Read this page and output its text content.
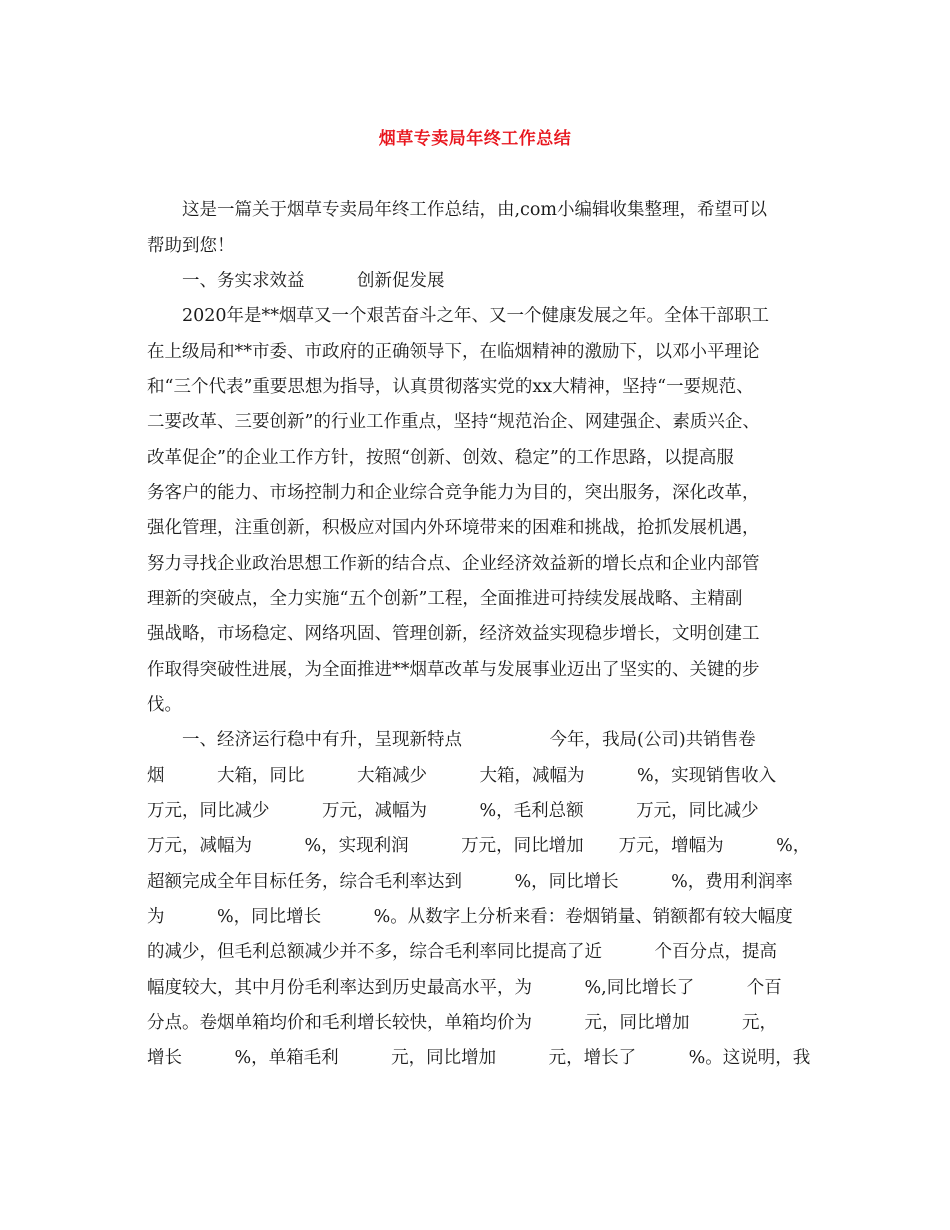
烟草专卖局年终工作总结
　　这是一篇关于烟草专卖局年终工作总结，由,com小编辑收集整理，希望可以
帮助到您！
　　一、务实求效益　　　创新促发展
　　2020年是**烟草又一个艰苦奋斗之年、又一个健康发展之年。全体干部职工
在上级局和**市委、市政府的正确领导下，在临烟精神的激励下，以邓小平理论
和“三个代表”重要思想为指导，认真贯彻落实党的xx大精神，坚持“一要规范、
二要改革、三要创新”的行业工作重点，坚持“规范治企、网建强企、素质兴企、
改革促企”的企业工作方针，按照“创新、创效、稳定”的工作思路，以提高服
务客户的能力、市场控制力和企业综合竞争能力为目的，突出服务，深化改革，
强化管理，注重创新，积极应对国内外环境带来的困难和挑战，抢抓发展机遇，
努力寻找企业政治思想工作新的结合点、企业经济效益新的增长点和企业内部管
理新的突破点，全力实施“五个创新”工程，全面推进可持续发展战略、主精副
强战略，市场稳定、网络巩固、管理创新，经济效益实现稳步增长，文明创建工
作取得突破性进展，为全面推进**烟草改革与发展事业迈出了坚实的、关键的步
伐。
　　一、经济运行稳中有升，呈现新特点　　　　　今年，我局(公司)共销售卷
烟　　　大箱，同比　　　大箱减少　　　大箱，减幅为　　　%，实现销售收入
万元，同比减少　　　万元，减幅为　　　%，毛利总额　　　万元，同比减少
万元，减幅为　　　%，实现利润　　　万元，同比增加　　万元，增幅为　　　%，
超额完成全年目标任务，综合毛利率达到　　　%，同比增长　　　%，费用利润率
为　　　%，同比增长　　　%。从数字上分析来看：卷烟销量、销额都有较大幅度
的减少，但毛利总额减少并不多，综合毛利率同比提高了近　　　个百分点，提高
幅度较大，其中月份毛利率达到历史最高水平，为　　　%,同比增长了　　　个百
分点。卷烟单箱均价和毛利增长较快，单箱均价为　　　元，同比增加　　　元，
增长　　　%，单箱毛利　　　元，同比增加　　　元，增长了　　　%。这说明，我
